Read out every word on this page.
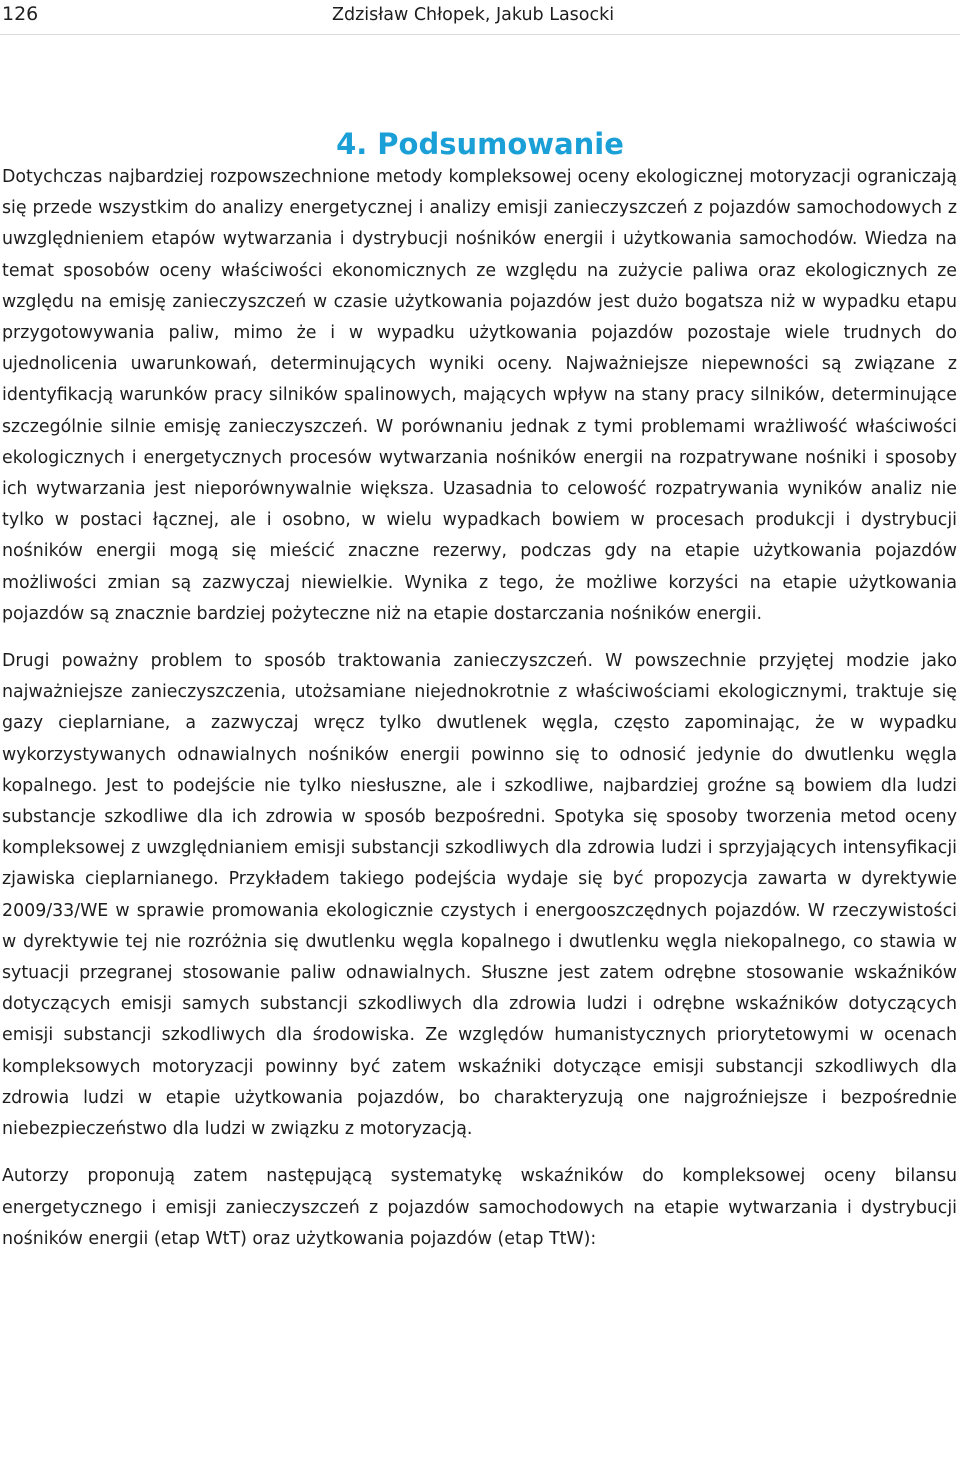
126	Zdzisław Chłopek, Jakub Lasocki
4. Podsumowanie

Dotychczas najbardziej rozpowszechnione metody kompleksowej oceny ekologicznej motoryzacji ograniczają się przede wszystkim do analizy energetycznej i analizy emisji zanieczyszczeń z pojazdów samochodowych z uwzględnieniem etapów wytwarzania i dystrybucji nośników energii i użytkowania samochodów. Wiedza na temat sposobów oceny właściwości ekonomicznych ze względu na zużycie paliwa oraz ekologicznych ze względu na emisję zanieczyszczeń w czasie użytkowania pojazdów jest dużo bogatsza niż w wypadku etapu przygotowywania paliw, mimo że i w wypadku użytkowania pojazdów pozostaje wiele trudnych do ujednolicenia uwarunkowań, determinujących wyniki oceny. Najważniejsze niepewności są związane z identyfikacją warunków pracy silników spalinowych, mających wpływ na stany pracy silników, determinujące szczególnie silnie emisję zanieczyszczeń. W porównaniu jednak z tymi problemami wrażliwość właściwości ekologicznych i energetycznych procesów wytwarzania nośników energii na rozpatrywane nośniki i sposoby ich wytwarzania jest nieporównywalnie większa. Uzasadnia to celowość rozpatrywania wyników analiz nie tylko w postaci łącznej, ale i osobno, w wielu wypadkach bowiem w procesach produkcji i dystrybucji nośników energii mogą się mieścić znaczne rezerwy, podczas gdy na etapie użytkowania pojazdów możliwości zmian są zazwyczaj niewielkie. Wynika z tego, że możliwe korzyści na etapie użytkowania pojazdów są znacznie bardziej pożyteczne niż na etapie dostarczania nośników energii.

Drugi poważny problem to sposób traktowania zanieczyszczeń. W powszechnie przyjętej modzie jako najważniejsze zanieczyszczenia, utożsamiane niejednokrotnie z właściwościami ekologicznymi, traktuje się gazy cieplarniane, a zazwyczaj wręcz tylko dwutlenek węgla, często zapominając, że w wypadku wykorzystywanych odnawialnych nośników energii powinno się to odnosić jedynie do dwutlenku węgla kopalnego. Jest to podejście nie tylko niesłuszne, ale i szkodliwe, najbardziej groźne są bowiem dla ludzi substancje szkodliwe dla ich zdrowia w sposób bezpośredni. Spotyka się sposoby tworzenia metod oceny kompleksowej z uwzględnianiem emisji substancji szkodliwych dla zdrowia ludzi i sprzyjających intensyfikacji zjawiska cieplarnianego. Przykładem takiego podejścia wydaje się być propozycja zawarta w dyrektywie 2009/33/WE w sprawie promowania ekologicznie czystych i energooszczędnych pojazdów. W rzeczywistości w dyrektywie tej nie rozróżnia się dwutlenku węgla kopalnego i dwutlenku węgla niekopalnego, co stawia w sytuacji przegranej stosowanie paliw odnawialnych. Słuszne jest zatem odrębne stosowanie wskaźników dotyczących emisji samych substancji szkodliwych dla zdrowia ludzi i odrębne wskaźników dotyczących emisji substancji szkodliwych dla środowiska. Ze względów humanistycznych priorytetowymi w ocenach kompleksowych motoryzacji powinny być zatem wskaźniki dotyczące emisji substancji szkodliwych dla zdrowia ludzi w etapie użytkowania pojazdów, bo charakteryzują one najgroźniejsze i bezpośrednie niebezpieczeństwo dla ludzi w związku z motoryzacją.

Autorzy proponują zatem następującą systematykę wskaźników do kompleksowej oceny bilansu energetycznego i emisji zanieczyszczeń z pojazdów samochodowych na etapie wytwarzania i dystrybucji nośników energii (etap WtT) oraz użytkowania pojazdów (etap TtW):
